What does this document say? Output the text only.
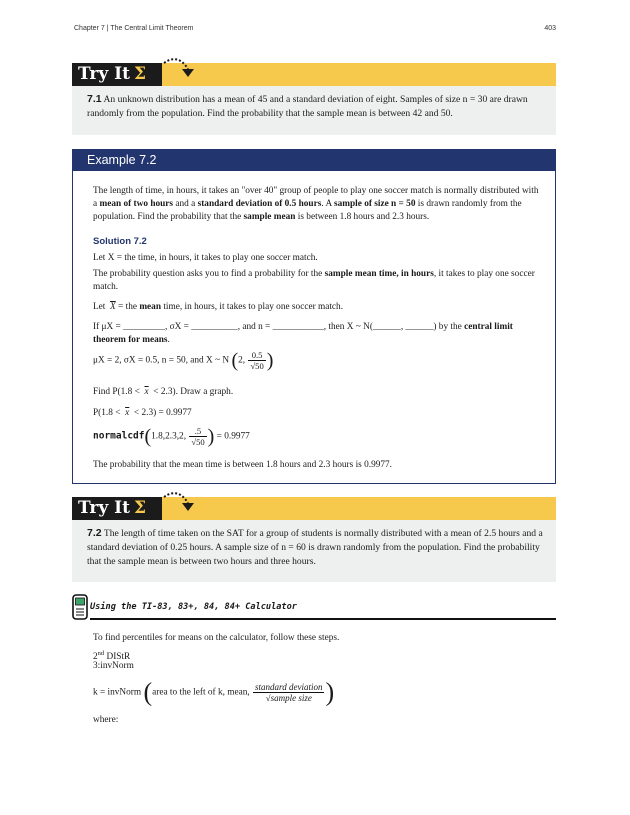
Chapter 7 | The Central Limit Theorem	403
Try It Σ
7.1 An unknown distribution has a mean of 45 and a standard deviation of eight. Samples of size n = 30 are drawn randomly from the population. Find the probability that the sample mean is between 42 and 50.
Example 7.2
The length of time, in hours, it takes an "over 40" group of people to play one soccer match is normally distributed with a mean of two hours and a standard deviation of 0.5 hours. A sample of size n = 50 is drawn randomly from the population. Find the probability that the sample mean is between 1.8 hours and 2.3 hours.
Solution 7.2
Let X = the time, in hours, it takes to play one soccer match.
The probability question asks you to find a probability for the sample mean time, in hours, it takes to play one soccer match.
Let $\overline{X}$ = the mean time, in hours, it takes to play one soccer match.
If μX = _________, σX = __________, and n = ___________, then X ~ N(______, ______) by the central limit theorem for means.
μX = 2, σX = 0.5, n = 50, and X ~ N (2, $\frac{0.5}{√50}$ )
Find $P(1.8 < \overline{x} < 2.3)$. Draw a graph.
$P(1.8 < \overline{x} < 2.3) = 0.9977$
normalcdf(1.8,2.3,2, $\frac{.5}{√50}$ ) = 0.9977
The probability that the mean time is between 1.8 hours and 2.3 hours is 0.9977.
Try It Σ
7.2 The length of time taken on the SAT for a group of students is normally distributed with a mean of 2.5 hours and a standard deviation of 0.25 hours. A sample size of n = 60 is drawn randomly from the population. Find the probability that the sample mean is between two hours and three hours.
Using the TI-83, 83+, 84, 84+ Calculator
To find percentiles for means on the calculator, follow these steps.
2nd DIStR
3:invNorm
k = invNorm (area to the left of k, mean, $\frac{\text{standard deviation}}{\text{√sample size}}$ )
where:
